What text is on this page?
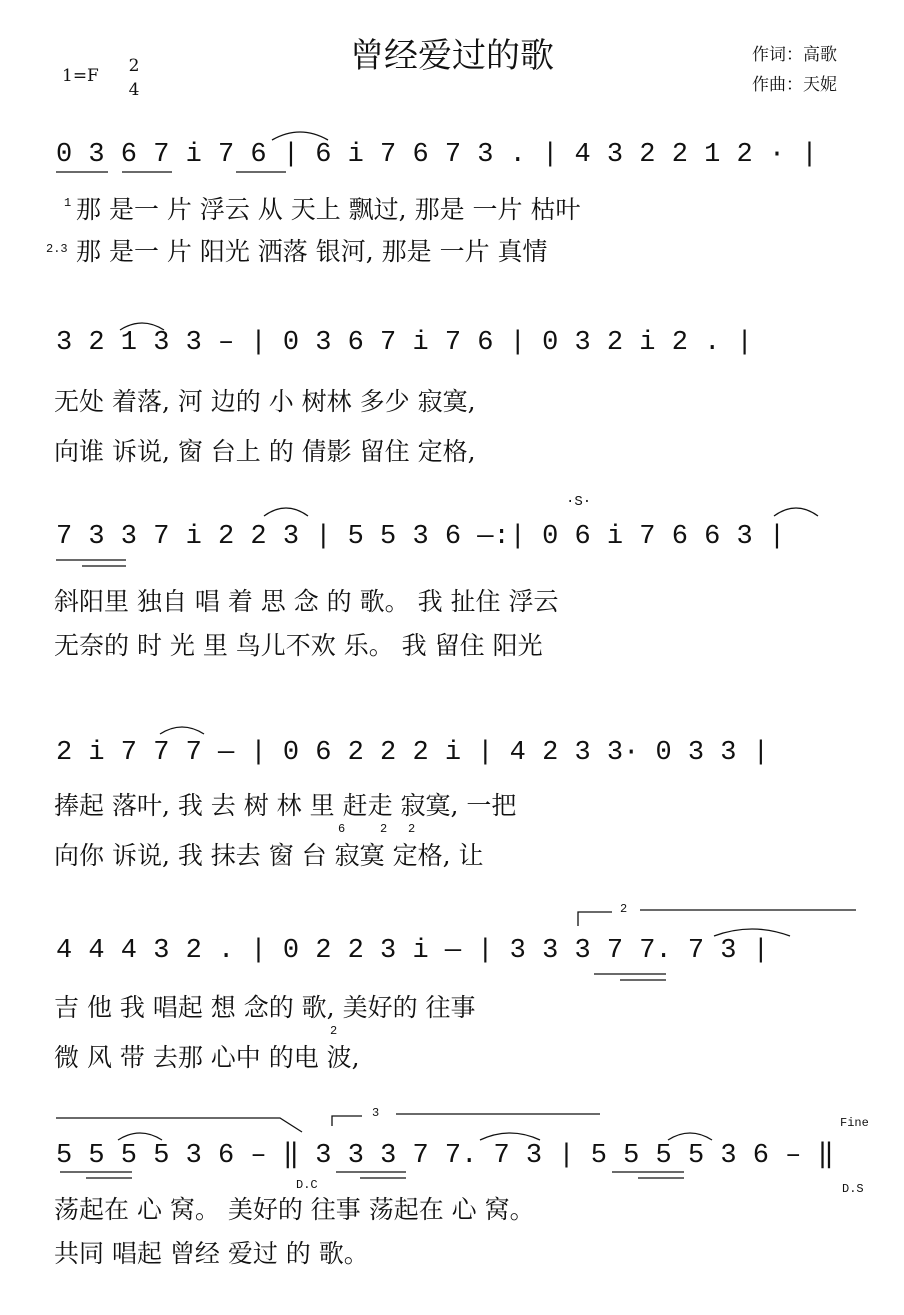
曾经爱过的歌	作词：高歌
作曲：天妮
1=F 2
4
0 3 6 7 i 7 6 | 6 i 7 6 7 3 . | 4 3 2 2 1 2 · |
1 那 是一 片 浮云 从 天上 飘过, 那是 一片 枯叶
2.3 那 是一 片 阳光 洒落 银河, 那是 一片 真情
3 2 1 3 3 – | 0 3 6 7 i 7 6 | 0 3 2 i 2 . |
无处 着落, 河 边的 小 树林 多少 寂寞,
向谁 诉说, 窗 台上 的 倩影 留住 定格,
·S·
7 3 3 7 i 2 2 3 | 5 5 3 6 —:| 0 6 i 7 6 6 3 |
斜阳里 独自 唱 着 思 念 的 歌。 我 扯住 浮云
无奈的 时 光 里 鸟儿不欢 乐。 我 留住 阳光
2 i 7 7 7 — | 0 6 2 2 2 i | 4 2 3 3· 0 3 3 |
捧起 落叶, 我 去 树 林 里 赶走 寂寞, 一把
6	2 2
向你 诉说, 我 抹去 窗 台 寂寞 定格, 让
2
4 4 4 3 2 . | 0 2 2 3 i — | 3 3 3 7 7. 7 3 |
吉 他 我 唱起 想 念的 歌, 美好的 往事
2
微 风 带 去那 心中 的电 波,
3
Fine
5 5 5 5 3 6 – ‖ 3 3 3 7 7. 7 3 | 5 5 5 5 3 6 – ‖
D.C	D.S
荡起在 心 窝。 美好的 往事 荡起在 心 窝。
共同 唱起 曾经 爱过 的 歌。
